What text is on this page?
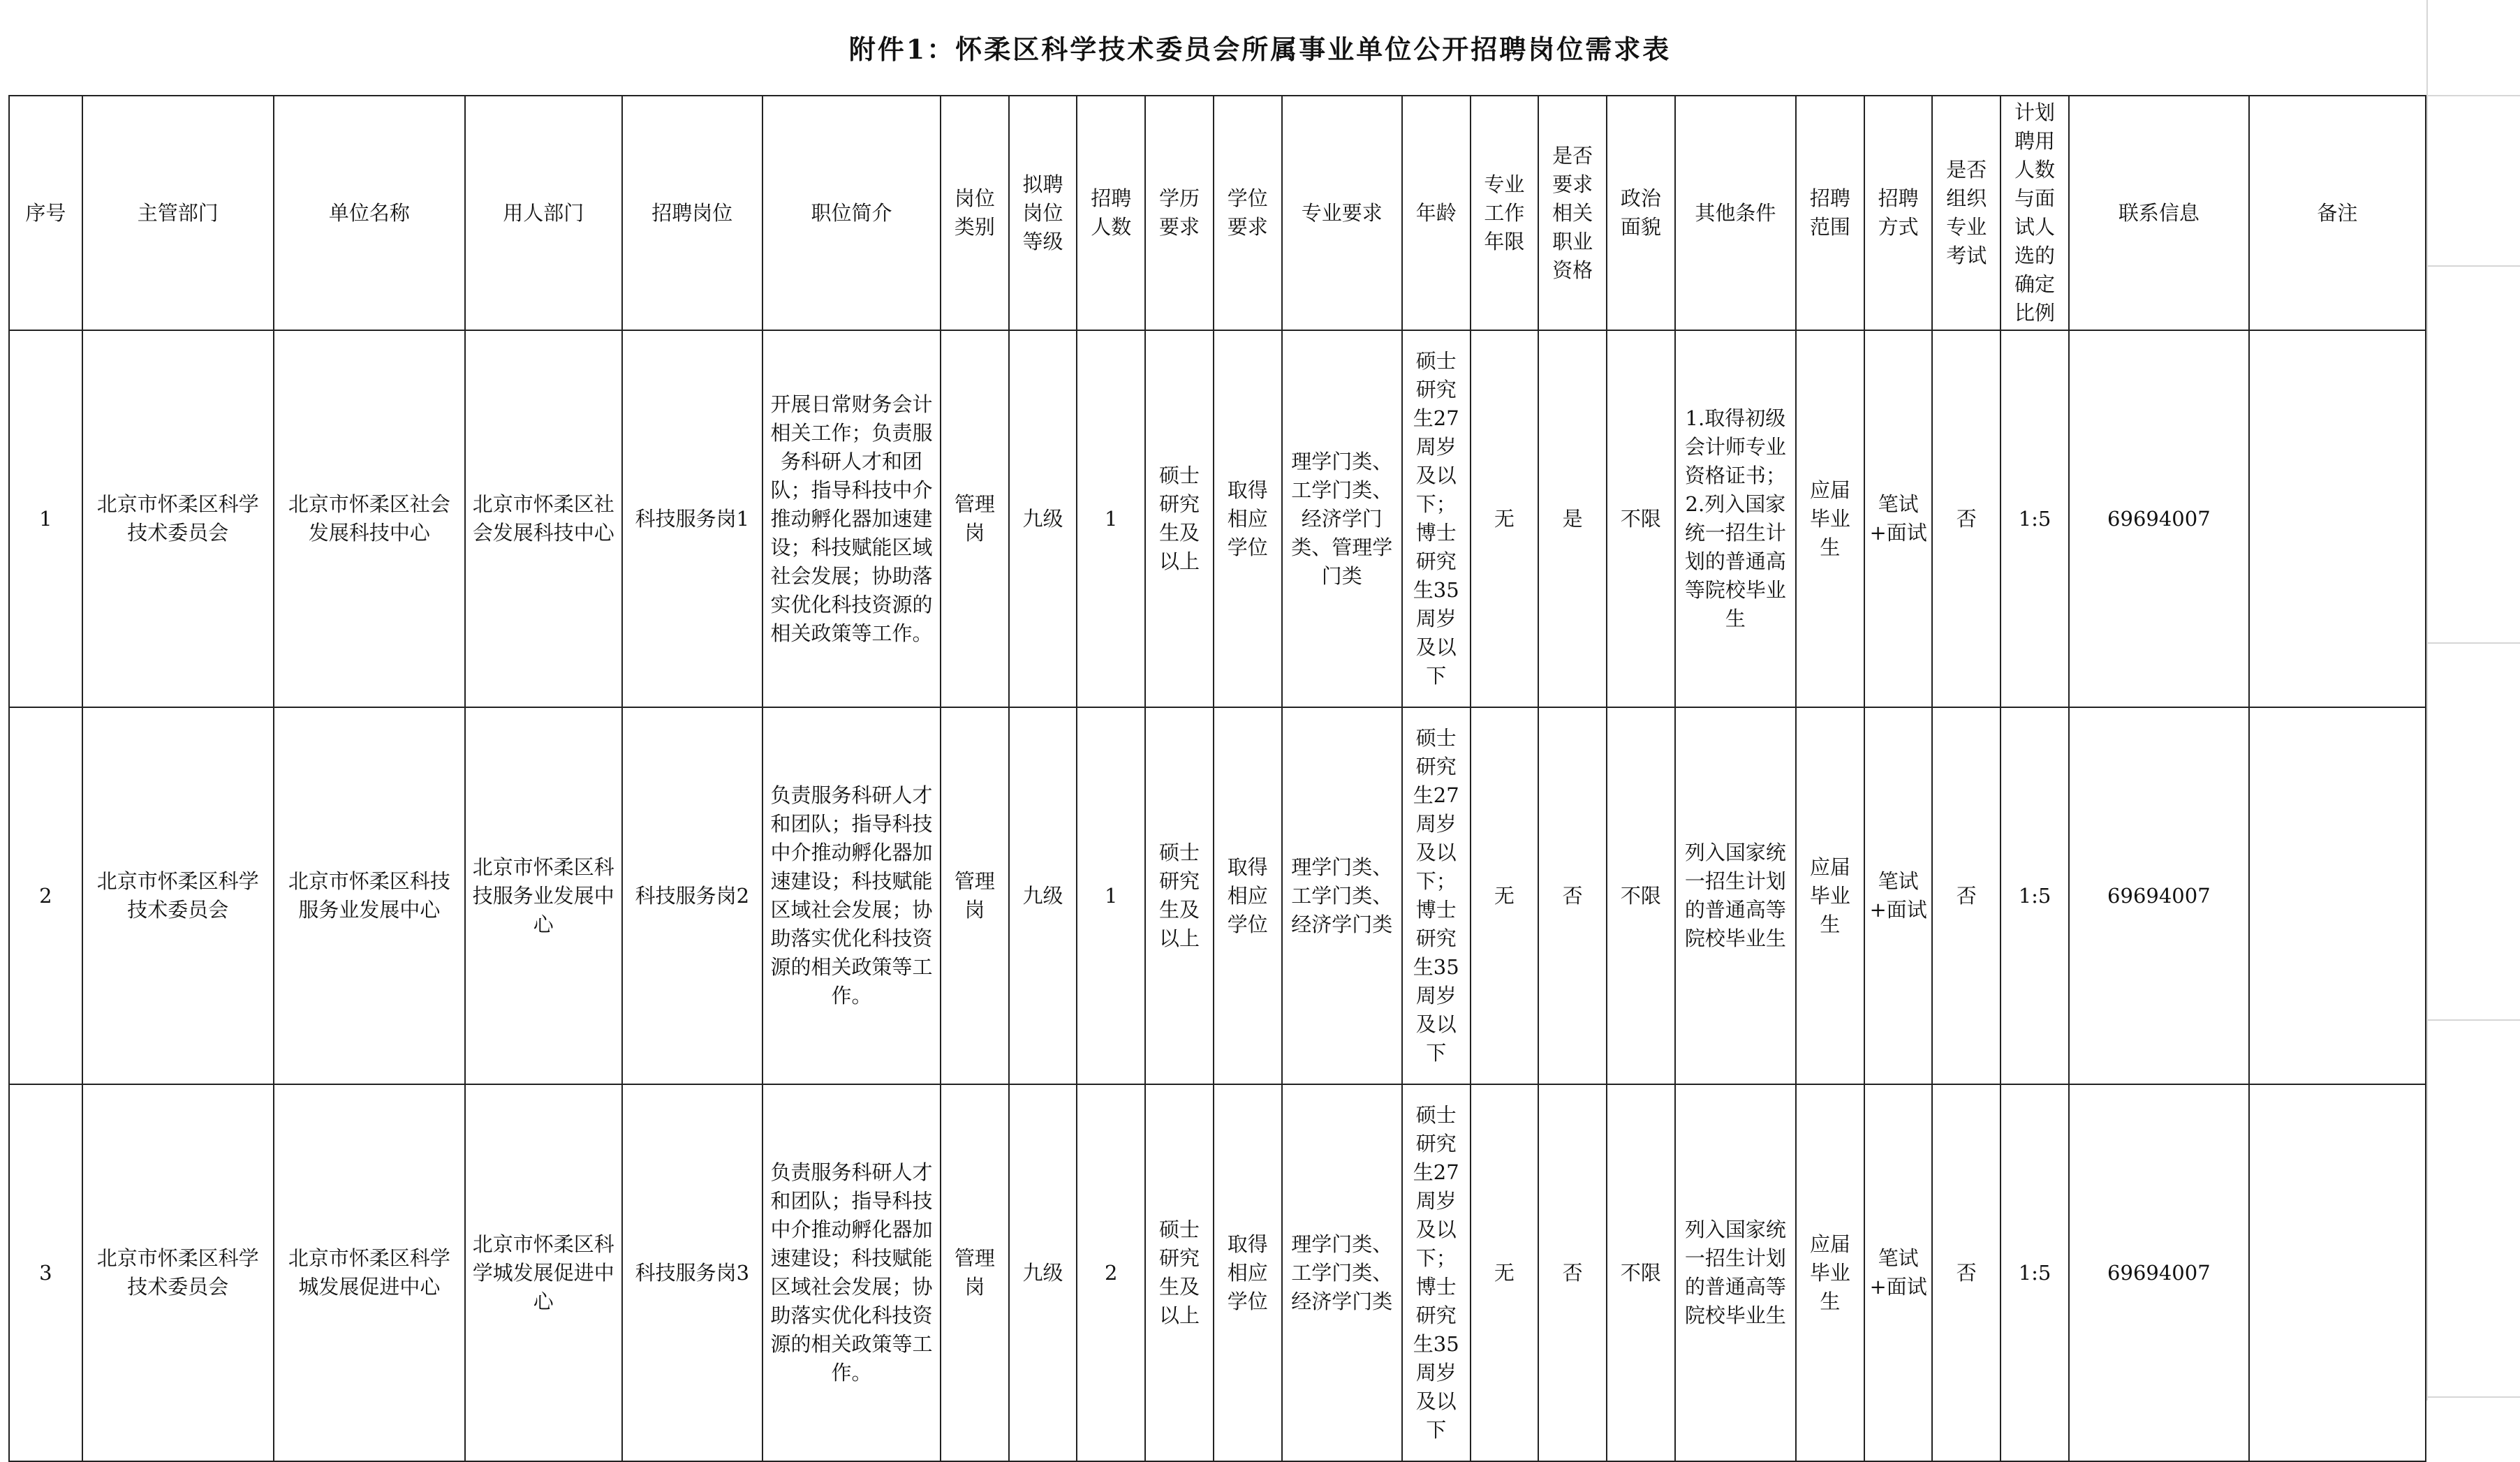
附件1：怀柔区科学技术委员会所属事业单位公开招聘岗位需求表
序号	主管部门	单位名称	用人部门	招聘岗位	职位简介	岗位类别	拟聘岗位等级	招聘人数	学历要求	学位要求	专业要求	年龄	专业工作年限	是否要求相关职业资格	政治面貌	其他条件	招聘范围	招聘方式	是否组织专业考试	计划聘用人数与面试人选的确定比例	联系信息	备注
1	北京市怀柔区科学技术委员会	北京市怀柔区社会发展科技中心	北京市怀柔区社会发展科技中心	科技服务岗1	开展日常财务会计相关工作；负责服务科研人才和团队；指导科技中介推动孵化器加速建设；科技赋能区域社会发展；协助落实优化科技资源的相关政策等工作。	管理岗	九级	1	硕士研究生及以上	取得相应学位	理学门类、工学门类、经济学门类、管理学门类	硕士研究生27周岁及以下；博士研究生35周岁及以下	无	是	不限	1.取得初级会计师专业资格证书；2.列入国家统一招生计划的普通高等院校毕业生	应届毕业生	笔试+面试	否	1:5	69694007	
2	北京市怀柔区科学技术委员会	北京市怀柔区科技服务业发展中心	北京市怀柔区科技服务业发展中心	科技服务岗2	负责服务科研人才和团队；指导科技中介推动孵化器加速建设；科技赋能区域社会发展；协助落实优化科技资源的相关政策等工作。	管理岗	九级	1	硕士研究生及以上	取得相应学位	理学门类、工学门类、经济学门类	硕士研究生27周岁及以下；博士研究生35周岁及以下	无	否	不限	列入国家统一招生计划的普通高等院校毕业生	应届毕业生	笔试+面试	否	1:5	69694007	
3	北京市怀柔区科学技术委员会	北京市怀柔区科学城发展促进中心	北京市怀柔区科学城发展促进中心	科技服务岗3	负责服务科研人才和团队；指导科技中介推动孵化器加速建设；科技赋能区域社会发展；协助落实优化科技资源的相关政策等工作。	管理岗	九级	2	硕士研究生及以上	取得相应学位	理学门类、工学门类、经济学门类	硕士研究生27周岁及以下；博士研究生35周岁及以下	无	否	不限	列入国家统一招生计划的普通高等院校毕业生	应届毕业生	笔试+面试	否	1:5	69694007	
